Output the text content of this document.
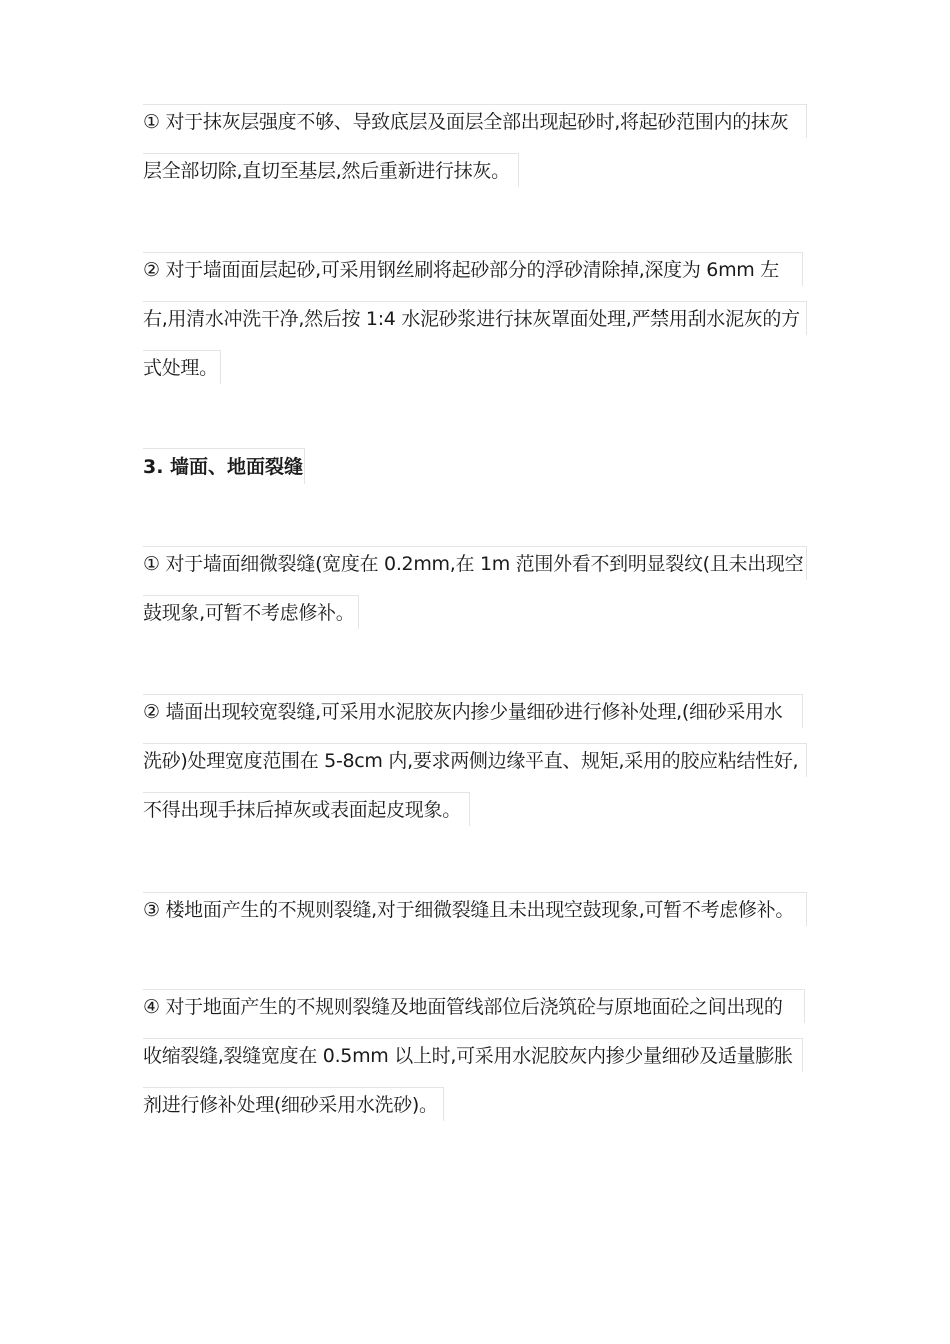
① 对于抹灰层强度不够、导致底层及面层全部出现起砂时,将起砂范围内的抹灰
层全部切除,直切至基层,然后重新进行抹灰。
② 对于墙面面层起砂,可采用钢丝刷将起砂部分的浮砂清除掉,深度为 6mm 左
右,用清水冲洗干净,然后按 1:4 水泥砂浆进行抹灰罩面处理,严禁用刮水泥灰的方
式处理。
3. 墙面、地面裂缝
① 对于墙面细微裂缝(宽度在 0.2mm,在 1m 范围外看不到明显裂纹(且未出现空
鼓现象,可暂不考虑修补。
② 墙面出现较宽裂缝,可采用水泥胶灰内掺少量细砂进行修补处理,(细砂采用水
洗砂)处理宽度范围在 5-8cm 内,要求两侧边缘平直、规矩,采用的胶应粘结性好,
不得出现手抹后掉灰或表面起皮现象。
③ 楼地面产生的不规则裂缝,对于细微裂缝且未出现空鼓现象,可暂不考虑修补。
④ 对于地面产生的不规则裂缝及地面管线部位后浇筑砼与原地面砼之间出现的
收缩裂缝,裂缝宽度在 0.5mm 以上时,可采用水泥胶灰内掺少量细砂及适量膨胀
剂进行修补处理(细砂采用水洗砂)。
